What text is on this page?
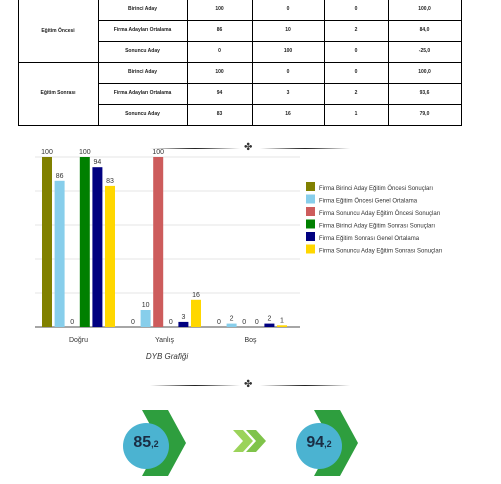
Eğitim Öncesi
Eğitim Sonrası
Birinci Aday	100	0	0	100,0
Firma Adayları Ortalama	86	10	2	84,0
Sonuncu Aday	0	100	0	-25,0
Birinci Aday	100	0	0	100,0
Firma Adayları Ortalama	94	3	2	93,6
Sonuncu Aday	83	16	1	79,0
✤
100
86
0
100
94
83
Doğru
0
10
100
0
3
16
Yanlış
0 2 0 0 2 1
Boş
DYB Grafiği
Firma Birinci Aday Eğitim Öncesi Sonuçları
Firma Eğitim Öncesi Genel Ortalama
Firma Sonuncu Aday Eğitim Öncesi Sonuçları
Firma Birinci Aday Eğitim Sonrası Sonuçları
Firma Eğitim Sonrası Genel Ortalama
Firma Sonuncu Aday Eğitim Sonrası Sonuçları
✤
85,2	94,2
